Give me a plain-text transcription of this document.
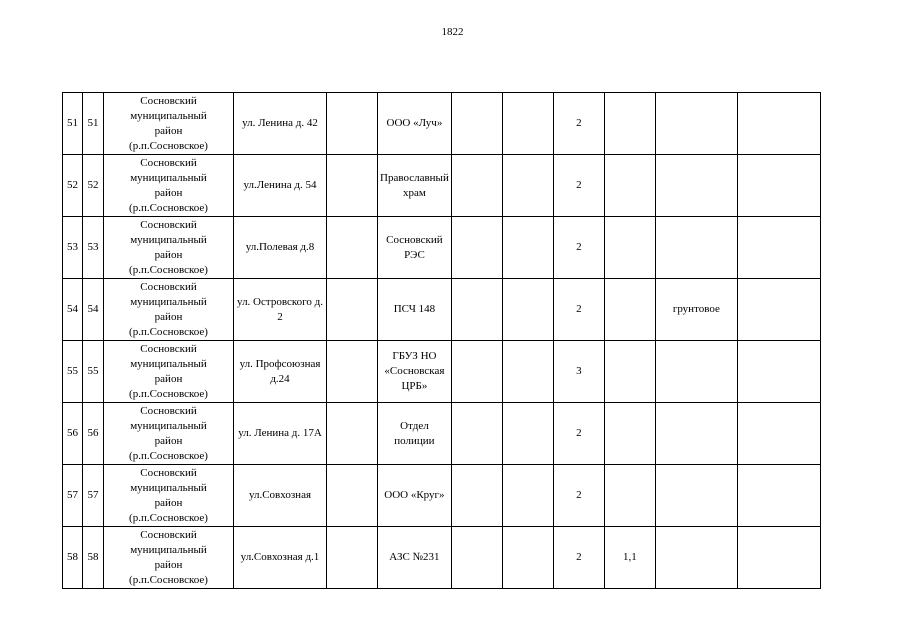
1822
51	51	Сосновский
муниципальный
район
(р.п.Сосновское)	ул. Ленина д. 42		ООО «Луч»			2			
52	52	Сосновский
муниципальный
район
(р.п.Сосновское)	ул.Ленина д. 54		Православный храм			2			
53	53	Сосновский
муниципальный
район
(р.п.Сосновское)	ул.Полевая д.8		Сосновский РЭС			2			
54	54	Сосновский
муниципальный
район
(р.п.Сосновское)	ул. Островского д. 2		ПСЧ 148			2		грунтовое	
55	55	Сосновский
муниципальный
район
(р.п.Сосновское)	ул. Профсоюзная д.24		ГБУЗ НО «Сосновская ЦРБ»			3			
56	56	Сосновский
муниципальный
район
(р.п.Сосновское)	ул. Ленина д. 17А		Отдел полиции			2			
57	57	Сосновский
муниципальный
район
(р.п.Сосновское)	ул.Совхозная		ООО «Круг»			2			
58	58	Сосновский
муниципальный
район
(р.п.Сосновское)	ул.Совхозная д.1		АЗС №231			2	1,1		
